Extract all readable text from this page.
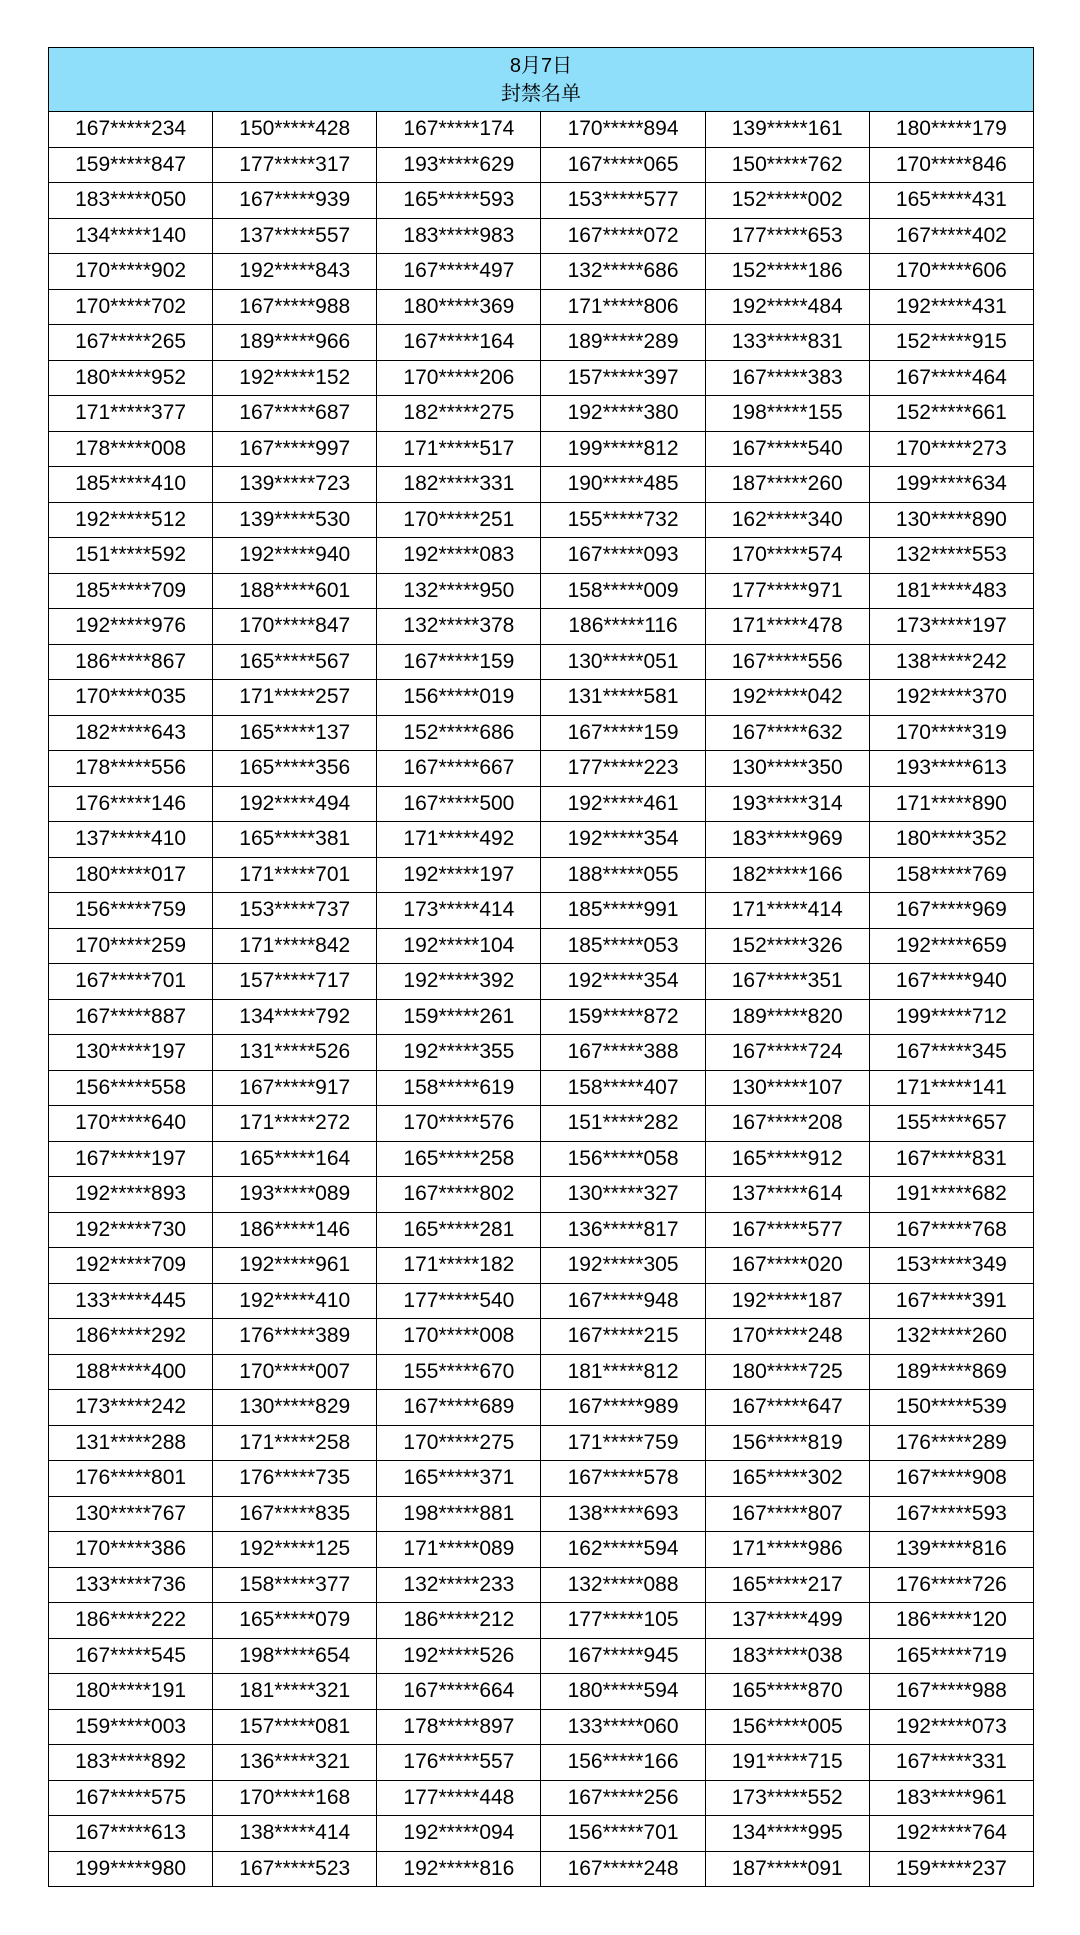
8月7日
封禁名单
167*****234	150*****428	167*****174	170*****894	139*****161	180*****179
159*****847	177*****317	193*****629	167*****065	150*****762	170*****846
183*****050	167*****939	165*****593	153*****577	152*****002	165*****431
134*****140	137*****557	183*****983	167*****072	177*****653	167*****402
170*****902	192*****843	167*****497	132*****686	152*****186	170*****606
170*****702	167*****988	180*****369	171*****806	192*****484	192*****431
167*****265	189*****966	167*****164	189*****289	133*****831	152*****915
180*****952	192*****152	170*****206	157*****397	167*****383	167*****464
171*****377	167*****687	182*****275	192*****380	198*****155	152*****661
178*****008	167*****997	171*****517	199*****812	167*****540	170*****273
185*****410	139*****723	182*****331	190*****485	187*****260	199*****634
192*****512	139*****530	170*****251	155*****732	162*****340	130*****890
151*****592	192*****940	192*****083	167*****093	170*****574	132*****553
185*****709	188*****601	132*****950	158*****009	177*****971	181*****483
192*****976	170*****847	132*****378	186*****116	171*****478	173*****197
186*****867	165*****567	167*****159	130*****051	167*****556	138*****242
170*****035	171*****257	156*****019	131*****581	192*****042	192*****370
182*****643	165*****137	152*****686	167*****159	167*****632	170*****319
178*****556	165*****356	167*****667	177*****223	130*****350	193*****613
176*****146	192*****494	167*****500	192*****461	193*****314	171*****890
137*****410	165*****381	171*****492	192*****354	183*****969	180*****352
180*****017	171*****701	192*****197	188*****055	182*****166	158*****769
156*****759	153*****737	173*****414	185*****991	171*****414	167*****969
170*****259	171*****842	192*****104	185*****053	152*****326	192*****659
167*****701	157*****717	192*****392	192*****354	167*****351	167*****940
167*****887	134*****792	159*****261	159*****872	189*****820	199*****712
130*****197	131*****526	192*****355	167*****388	167*****724	167*****345
156*****558	167*****917	158*****619	158*****407	130*****107	171*****141
170*****640	171*****272	170*****576	151*****282	167*****208	155*****657
167*****197	165*****164	165*****258	156*****058	165*****912	167*****831
192*****893	193*****089	167*****802	130*****327	137*****614	191*****682
192*****730	186*****146	165*****281	136*****817	167*****577	167*****768
192*****709	192*****961	171*****182	192*****305	167*****020	153*****349
133*****445	192*****410	177*****540	167*****948	192*****187	167*****391
186*****292	176*****389	170*****008	167*****215	170*****248	132*****260
188*****400	170*****007	155*****670	181*****812	180*****725	189*****869
173*****242	130*****829	167*****689	167*****989	167*****647	150*****539
131*****288	171*****258	170*****275	171*****759	156*****819	176*****289
176*****801	176*****735	165*****371	167*****578	165*****302	167*****908
130*****767	167*****835	198*****881	138*****693	167*****807	167*****593
170*****386	192*****125	171*****089	162*****594	171*****986	139*****816
133*****736	158*****377	132*****233	132*****088	165*****217	176*****726
186*****222	165*****079	186*****212	177*****105	137*****499	186*****120
167*****545	198*****654	192*****526	167*****945	183*****038	165*****719
180*****191	181*****321	167*****664	180*****594	165*****870	167*****988
159*****003	157*****081	178*****897	133*****060	156*****005	192*****073
183*****892	136*****321	176*****557	156*****166	191*****715	167*****331
167*****575	170*****168	177*****448	167*****256	173*****552	183*****961
167*****613	138*****414	192*****094	156*****701	134*****995	192*****764
199*****980	167*****523	192*****816	167*****248	187*****091	159*****237
